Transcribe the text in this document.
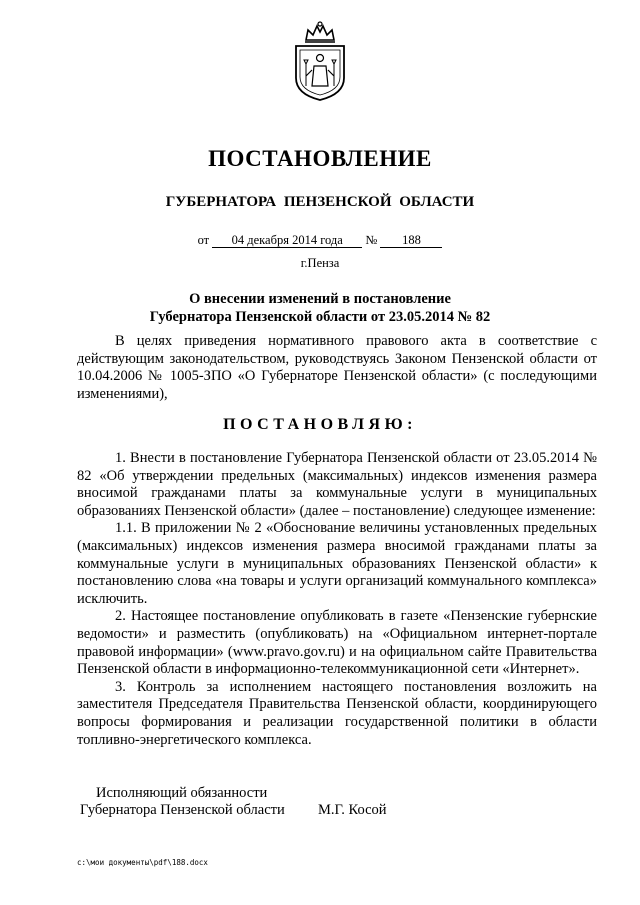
ПОСТАНОВЛЕНИЕ
ГУБЕРНАТОРА ПЕНЗЕНСКОЙ ОБЛАСТИ
от 04 декабря 2014 года № 188
г.Пенза
О внесении изменений в постановление
Губернатора Пензенской области от 23.05.2014 № 82

В целях приведения нормативного правового акта в соответствие с действующим законодательством, руководствуясь Законом Пензенской области от 10.04.2006 № 1005-ЗПО «О Губернаторе Пензенской области» (с последующими изменениями),

ПОСТАНОВЛЯЮ:

1. Внести в постановление Губернатора Пензенской области от 23.05.2014 № 82 «Об утверждении предельных (максимальных) индексов изменения размера вносимой гражданами платы за коммунальные услуги в муниципальных образованиях Пензенской области» (далее – постановление) следующее изменение:

1.1. В приложении № 2 «Обоснование величины установленных предельных (максимальных) индексов изменения размера вносимой гражданами платы за коммунальные услуги в муниципальных образованиях Пензенской области» к постановлению слова «на товары и услуги организаций коммунального комплекса» исключить.

2. Настоящее постановление опубликовать в газете «Пензенские губернские ведомости» и разместить (опубликовать) на «Официальном интернет-портале правовой информации» (www.pravo.gov.ru) и на официальном сайте Правительства Пензенской области в информационно-телекоммуникационной сети «Интернет».

3. Контроль за исполнением настоящего постановления возложить на заместителя Председателя Правительства Пензенской области, координирующего вопросы формирования и реализации государственной политики в области топливно-энергетического комплекса.

Исполняющий обязанности
Губернатора Пензенской области М.Г. Косой
c:\мои документы\pdf\188.docx
